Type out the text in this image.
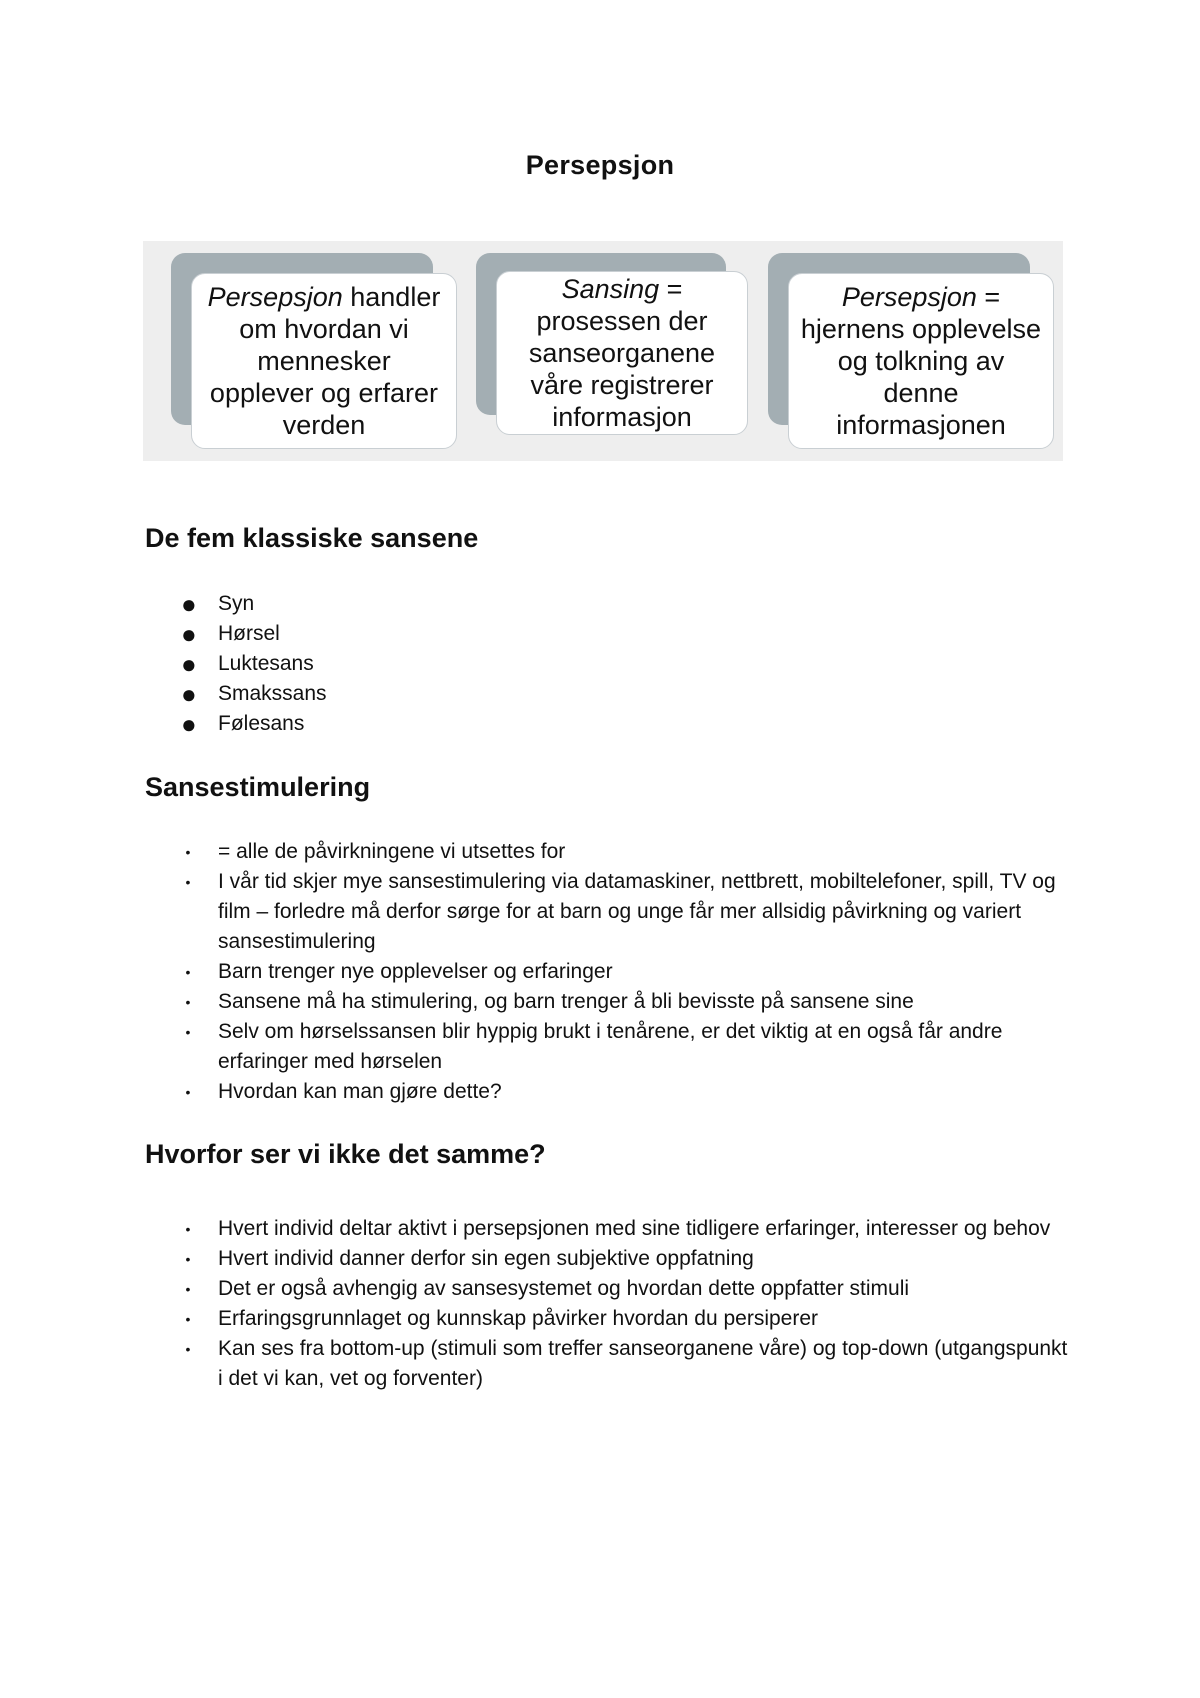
Persepsjon
Persepsjon handler om hvordan vi mennesker opplever og erfarer verden
Sansing = prosessen der sanseorganene våre registrerer informasjon
Persepsjon = hjernens opplevelse og tolkning av denne informasjonen
De fem klassiske sansene
● Syn
● Hørsel
● Luktesans
● Smakssans
● Følesans
Sansestimulering
• = alle de påvirkningene vi utsettes for
• I vår tid skjer mye sansestimulering via datamaskiner, nettbrett, mobiltelefoner, spill, TV og film – forledre må derfor sørge for at barn og unge får mer allsidig påvirkning og variert sansestimulering
• Barn trenger nye opplevelser og erfaringer
• Sansene må ha stimulering, og barn trenger å bli bevisste på sansene sine
• Selv om hørselssansen blir hyppig brukt i tenårene, er det viktig at en også får andre erfaringer med hørselen
• Hvordan kan man gjøre dette?
Hvorfor ser vi ikke det samme?
• Hvert individ deltar aktivt i persepsjonen med sine tidligere erfaringer, interesser og behov
• Hvert individ danner derfor sin egen subjektive oppfatning
• Det er også avhengig av sansesystemet og hvordan dette oppfatter stimuli
• Erfaringsgrunnlaget og kunnskap påvirker hvordan du persiperer
• Kan ses fra bottom-up (stimuli som treffer sanseorganene våre) og top-down (utgangspunkt i det vi kan, vet og forventer)
